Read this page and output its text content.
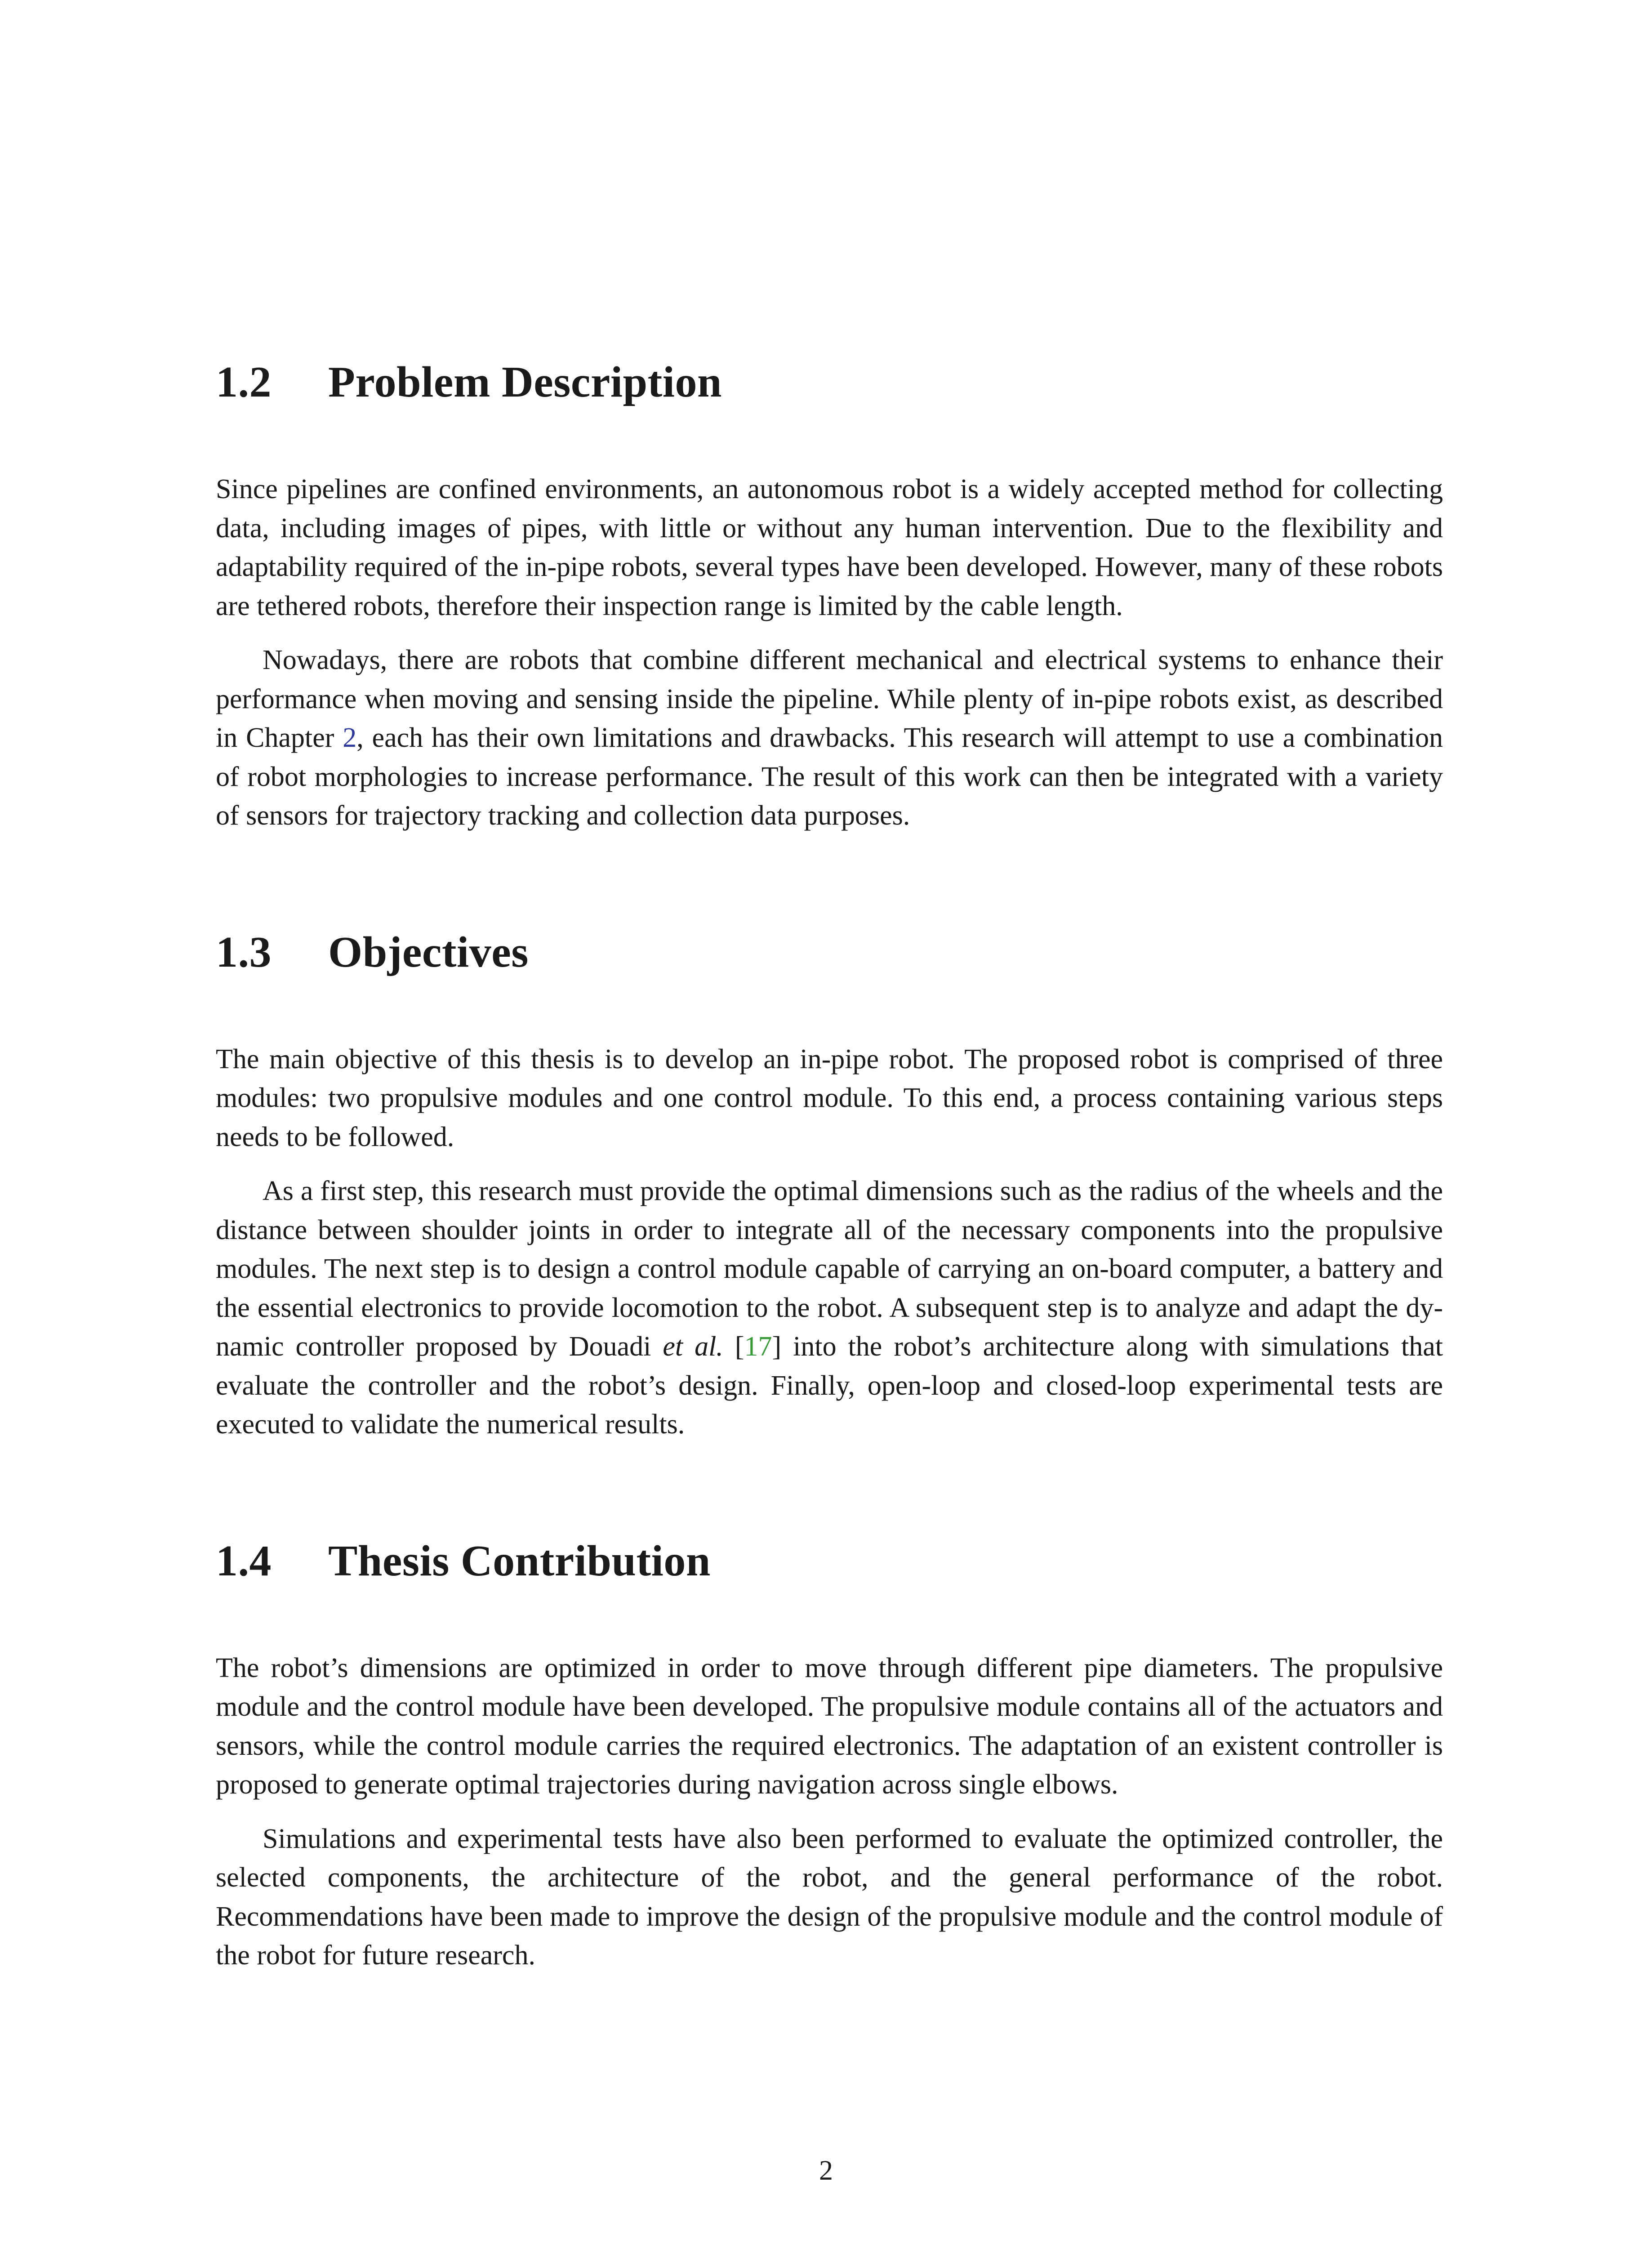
1.2 Problem Description

Since pipelines are confined environments, an autonomous robot is a widely accepted method for collecting data, including images of pipes, with little or without any human intervention. Due to the flexibility and adaptability required of the in-pipe robots, several types have been developed. However, many of these robots are tethered robots, therefore their inspection range is limited by the cable length.

Nowadays, there are robots that combine different mechanical and electrical systems to enhance their performance when moving and sensing inside the pipeline. While plenty of in-pipe robots exist, as described in Chapter 2, each has their own limitations and drawbacks. This research will attempt to use a combination of robot morphologies to increase performance. The result of this work can then be integrated with a variety of sensors for trajectory tracking and collection data purposes.

1.3 Objectives

The main objective of this thesis is to develop an in-pipe robot. The proposed robot is comprised of three modules: two propulsive modules and one control module. To this end, a process containing various steps needs to be followed.

As a first step, this research must provide the optimal dimensions such as the radius of the wheels and the distance between shoulder joints in order to integrate all of the necessary components into the propulsive modules. The next step is to design a control module capable of carrying an on-board computer, a battery and the essential electronics to provide locomotion to the robot. A subsequent step is to analyze and adapt the dynamic controller proposed by Douadi et al. [17] into the robot’s architecture along with simulations that evaluate the controller and the robot’s design. Finally, open-loop and closed-loop experimental tests are executed to validate the numerical results.

1.4 Thesis Contribution

The robot’s dimensions are optimized in order to move through different pipe diameters. The propulsive module and the control module have been developed. The propulsive module contains all of the actuators and sensors, while the control module carries the required electronics. The adaptation of an existent controller is proposed to generate optimal trajectories during navigation across single elbows.

Simulations and experimental tests have also been performed to evaluate the optimized controller, the selected components, the architecture of the robot, and the general performance of the robot. Recommendations have been made to improve the design of the propulsive module and the control module of the robot for future research.

2
